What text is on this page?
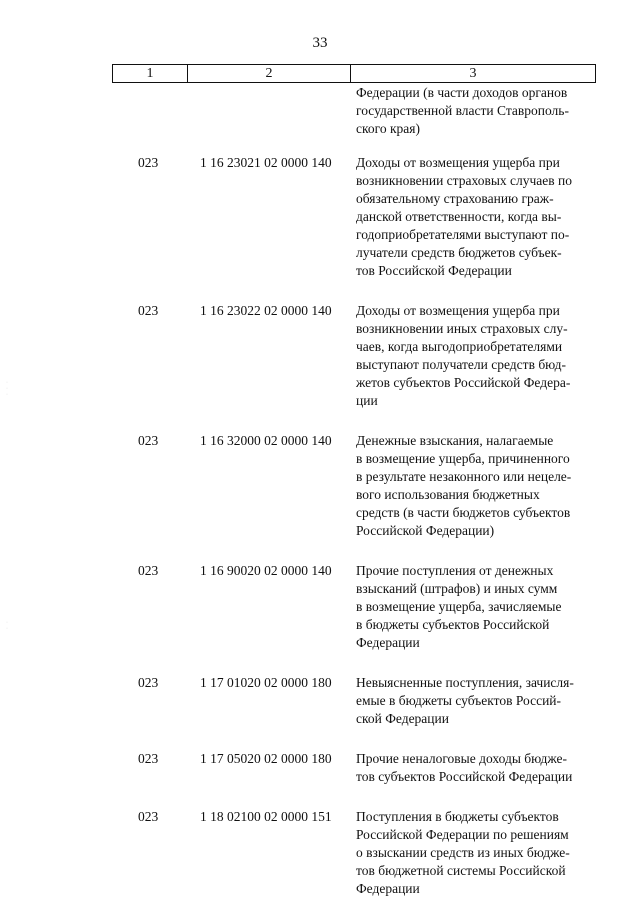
33
1	2	3
·
·
·
·
·
Федерации (в части доходов органов
государственной власти Ставрополь-
ского края)
023	1 16 23021 02 0000 140	Доходы от возмещения ущерба при
возникновении страховых случаев по
обязательному страхованию граж-
данской ответственности, когда вы-
годоприобретателями выступают по-
лучатели средств бюджетов субъек-
тов Российской Федерации
023	1 16 23022 02 0000 140	Доходы от возмещения ущерба при
возникновении иных страховых слу-
чаев, когда выгодоприобретателями
выступают получатели средств бюд-
жетов субъектов Российской Федера-
ции
023	1 16 32000 02 0000 140	Денежные взыскания, налагаемые
в возмещение ущерба, причиненного
в результате незаконного или нецеле-
вого использования бюджетных
средств (в части бюджетов субъектов
Российской Федерации)
023	1 16 90020 02 0000 140	Прочие поступления от денежных
взысканий (штрафов) и иных сумм
в возмещение ущерба, зачисляемые
в бюджеты субъектов Российской
Федерации
023	1 17 01020 02 0000 180	Невыясненные поступления, зачисля-
емые в бюджеты субъектов Россий-
ской Федерации
023	1 17 05020 02 0000 180	Прочие неналоговые доходы бюдже-
тов субъектов Российской Федерации
023	1 18 02100 02 0000 151	Поступления в бюджеты субъектов
Российской Федерации по решениям
о взыскании средств из иных бюдже-
тов бюджетной системы Российской
Федерации
